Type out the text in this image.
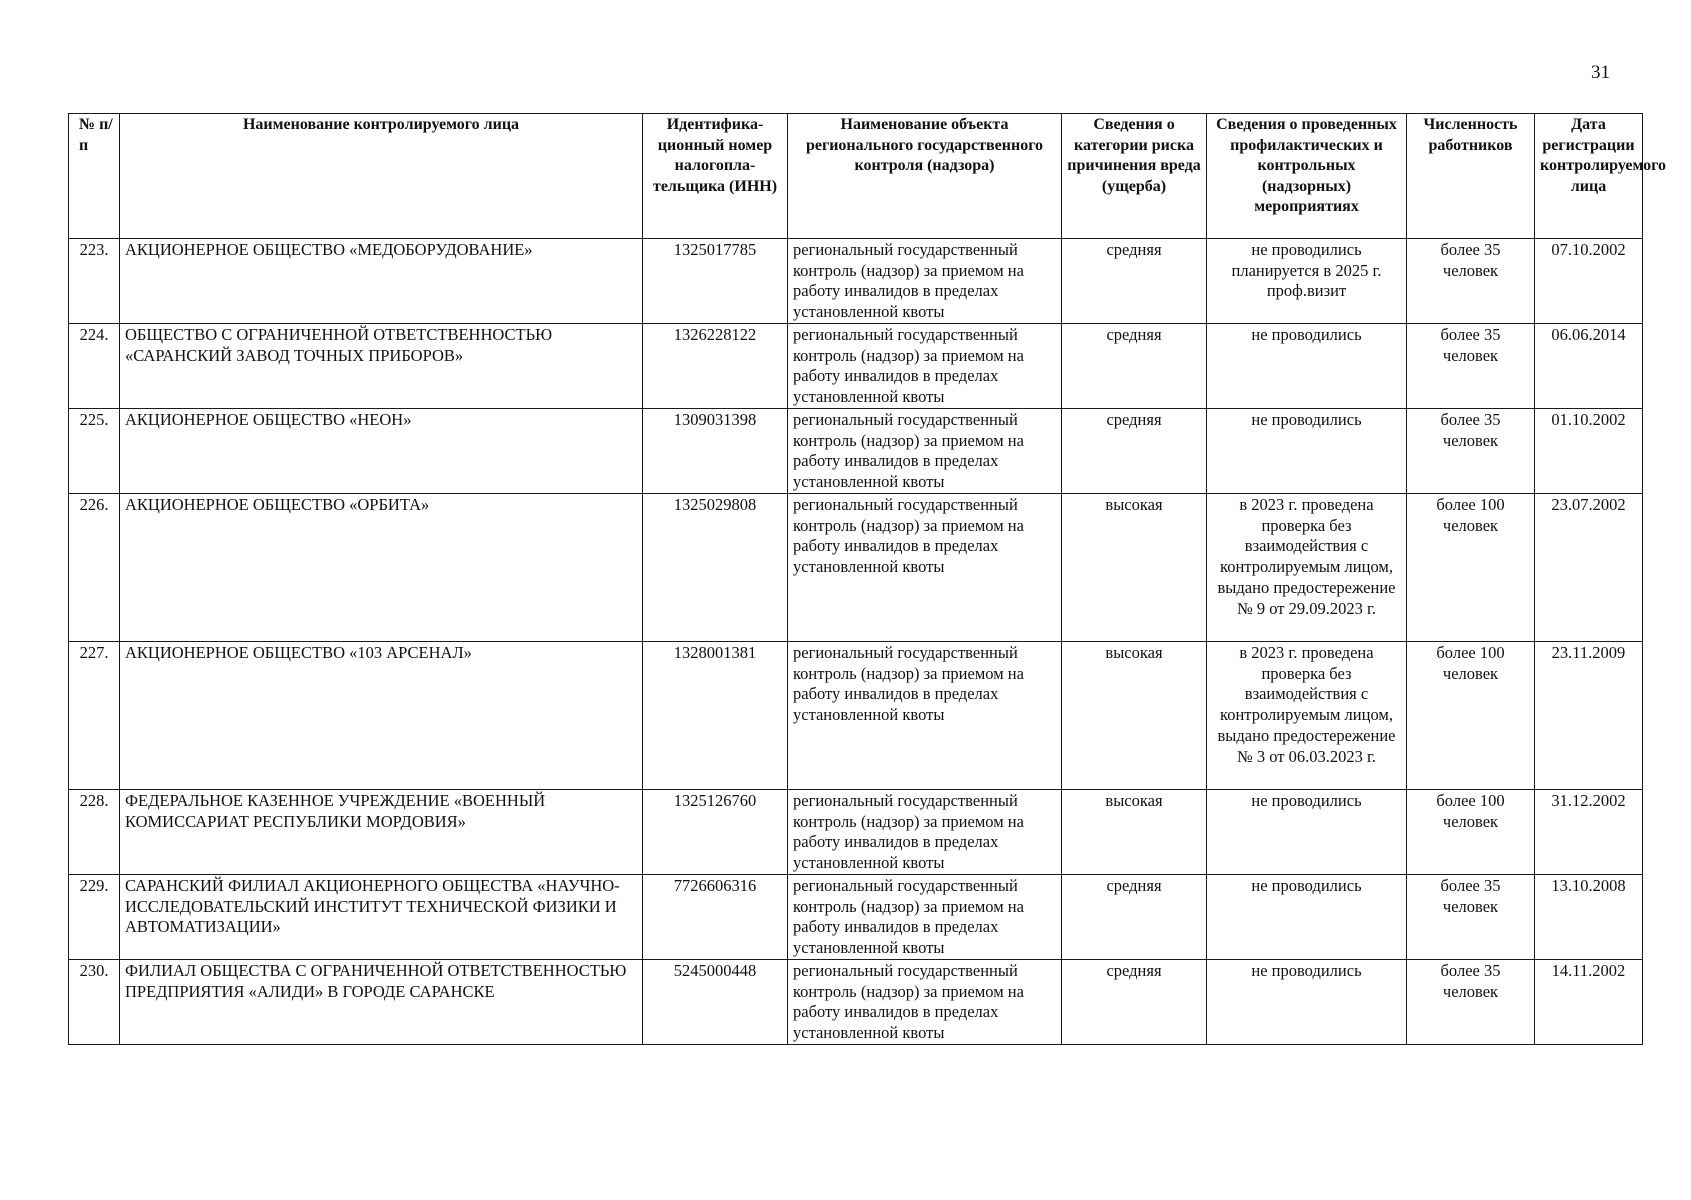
31
№ п/п	Наименование контролируемого лица	Идентифика-ционный номер налогопла-тельщика (ИНН)	Наименование объекта регионального государственного контроля (надзора)	Сведения о категории риска причинения вреда (ущерба)	Сведения о проведенных профилактических и контрольных (надзорных) мероприятиях	Численность работников	Дата регистрации контролируемого лица
223.	АКЦИОНЕРНОЕ ОБЩЕСТВО «МЕДОБОРУДОВАНИЕ»	1325017785	региональный государственный контроль (надзор) за приемом на работу инвалидов в пределах установленной квоты	средняя	не проводились планируется в 2025 г. проф.визит	более 35 человек	07.10.2002
224.	ОБЩЕСТВО С ОГРАНИЧЕННОЙ ОТВЕТСТВЕННОСТЬЮ «САРАНСКИЙ ЗАВОД ТОЧНЫХ ПРИБОРОВ»	1326228122	региональный государственный контроль (надзор) за приемом на работу инвалидов в пределах установленной квоты	средняя	не проводились	более 35 человек	06.06.2014
225.	АКЦИОНЕРНОЕ ОБЩЕСТВО «НЕОН»	1309031398	региональный государственный контроль (надзор) за приемом на работу инвалидов в пределах установленной квоты	средняя	не проводились	более 35 человек	01.10.2002
226.	АКЦИОНЕРНОЕ ОБЩЕСТВО «ОРБИТА»	1325029808	региональный государственный контроль (надзор) за приемом на работу инвалидов в пределах установленной квоты	высокая	в 2023 г. проведена проверка без взаимодействия с контролируемым лицом, выдано предостережение № 9 от 29.09.2023 г.	более 100 человек	23.07.2002
227.	АКЦИОНЕРНОЕ ОБЩЕСТВО «103 АРСЕНАЛ»	1328001381	региональный государственный контроль (надзор) за приемом на работу инвалидов в пределах установленной квоты	высокая	в 2023 г. проведена проверка без взаимодействия с контролируемым лицом, выдано предостережение № 3 от 06.03.2023 г.	более 100 человек	23.11.2009
228.	ФЕДЕРАЛЬНОЕ КАЗЕННОЕ УЧРЕЖДЕНИЕ «ВОЕННЫЙ КОМИССАРИАТ РЕСПУБЛИКИ МОРДОВИЯ»	1325126760	региональный государственный контроль (надзор) за приемом на работу инвалидов в пределах установленной квоты	высокая	не проводились	более 100 человек	31.12.2002
229.	САРАНСКИЙ ФИЛИАЛ АКЦИОНЕРНОГО ОБЩЕСТВА «НАУЧНО-ИССЛЕДОВАТЕЛЬСКИЙ ИНСТИТУТ ТЕХНИЧЕСКОЙ ФИЗИКИ И АВТОМАТИЗАЦИИ»	7726606316	региональный государственный контроль (надзор) за приемом на работу инвалидов в пределах установленной квоты	средняя	не проводились	более 35 человек	13.10.2008
230.	ФИЛИАЛ ОБЩЕСТВА С ОГРАНИЧЕННОЙ ОТВЕТСТВЕННОСТЬЮ ПРЕДПРИЯТИЯ «АЛИДИ» В ГОРОДЕ САРАНСКЕ	5245000448	региональный государственный контроль (надзор) за приемом на работу инвалидов в пределах установленной квоты	средняя	не проводились	более 35 человек	14.11.2002
